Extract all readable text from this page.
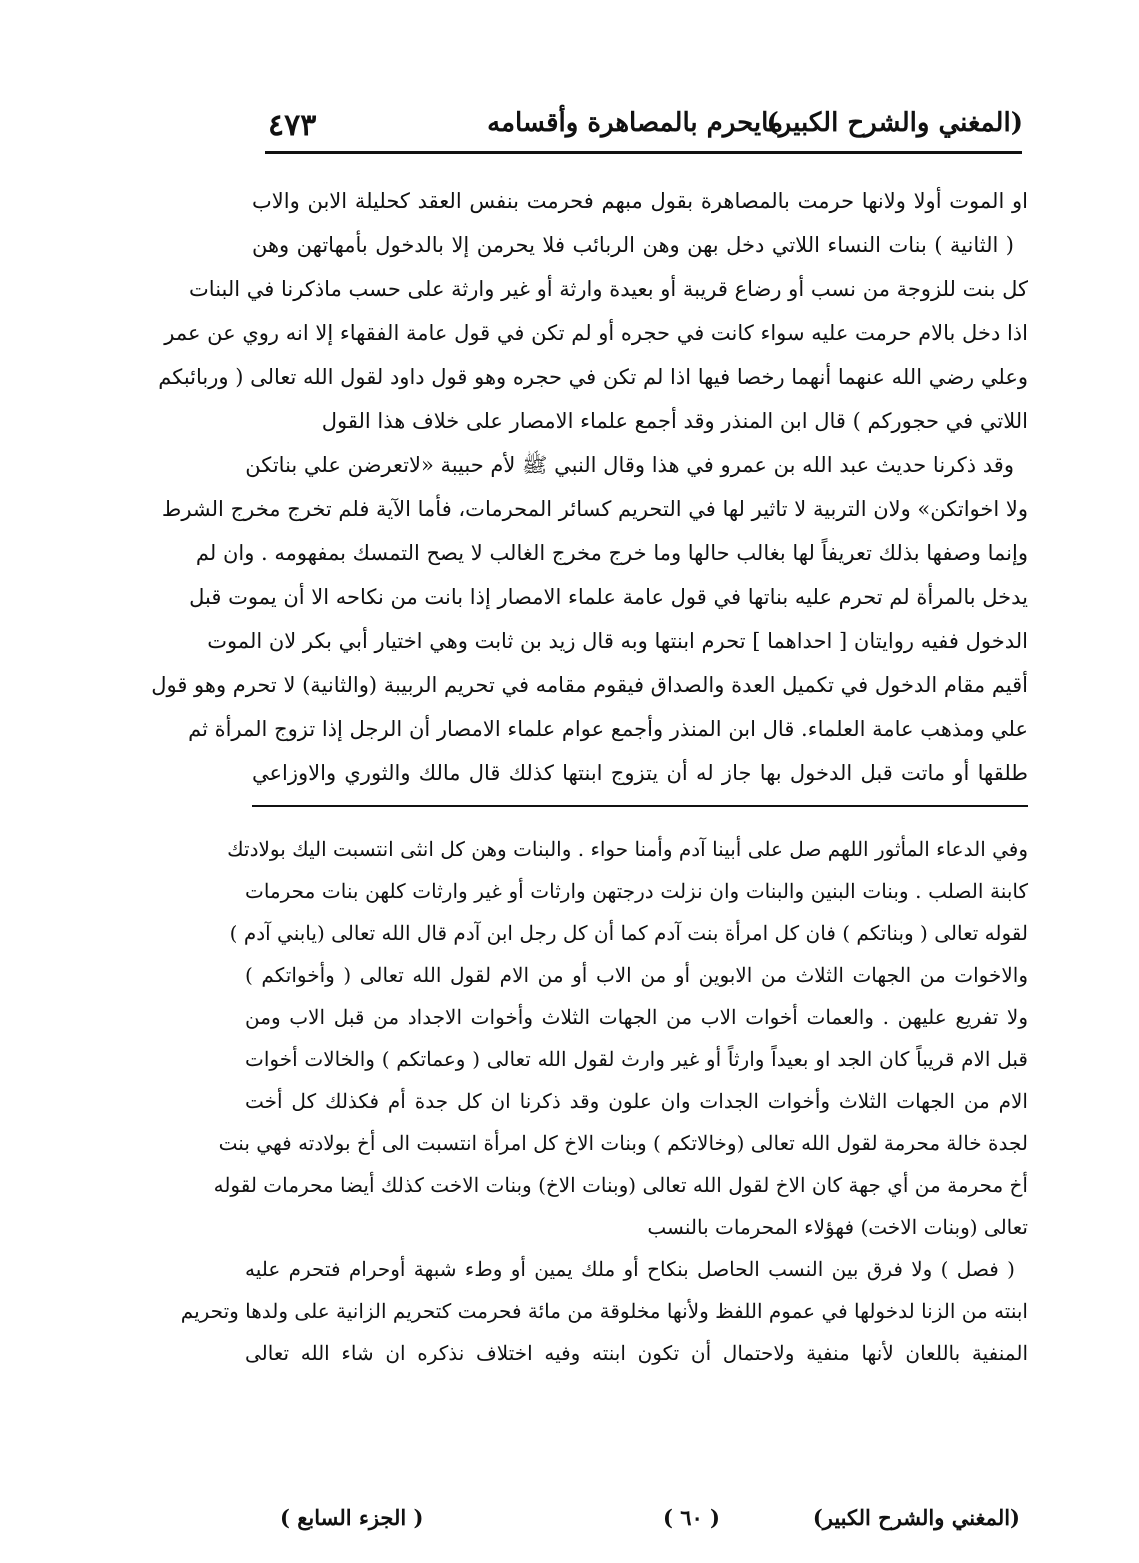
(المغني والشرح الكبير)
مايحرم بالمصاهرة وأقسامه
٤٧٣
او الموت أولا ولانها حرمت بالمصاهرة بقول مبهم فحرمت بنفس العقد كحليلة الابن والاب
( الثانية ) بنات النساء اللاتي دخل بهن وهن الربائب فلا يحرمن إلا بالدخول بأمهاتهن وهن
كل بنت للزوجة من نسب أو رضاع قريبة أو بعيدة وارثة أو غير وارثة على حسب ماذكرنا في البنات
اذا دخل بالام حرمت عليه سواء كانت في حجره أو لم تكن في قول عامة الفقهاء إلا انه روي عن عمر
وعلي رضي الله عنهما أنهما رخصا فيها اذا لم تكن في حجره وهو قول داود لقول الله تعالى ( وربائبكم
اللاتي في حجوركم ) قال ابن المنذر وقد أجمع علماء الامصار على خلاف هذا القول
وقد ذكرنا حديث عبد الله بن عمرو في هذا وقال النبي ﷺ لأم حبيبة «لاتعرضن علي بناتكن
ولا اخواتكن» ولان التربية لا تاثير لها في التحريم كسائر المحرمات، فأما الآية فلم تخرج مخرج الشرط
وإنما وصفها بذلك تعريفاً لها بغالب حالها وما خرج مخرج الغالب لا يصح التمسك بمفهومه . وان لم
يدخل بالمرأة لم تحرم عليه بناتها في قول عامة علماء الامصار إذا بانت من نكاحه الا أن يموت قبل
الدخول ففيه روايتان [ احداهما ] تحرم ابنتها وبه قال زيد بن ثابت وهي اختيار أبي بكر لان الموت
أقيم مقام الدخول في تكميل العدة والصداق فيقوم مقامه في تحريم الربيبة (والثانية) لا تحرم وهو قول
علي ومذهب عامة العلماء. قال ابن المنذر وأجمع عوام علماء الامصار أن الرجل إذا تزوج المرأة ثم
طلقها أو ماتت قبل الدخول بها جاز له أن يتزوج ابنتها كذلك قال مالك والثوري والاوزاعي
وفي الدعاء المأثور اللهم صل على أبينا آدم وأمنا حواء . والبنات وهن كل انثى انتسبت اليك بولادتك
كابنة الصلب . وبنات البنين والبنات وان نزلت درجتهن وارثات أو غير وارثات كلهن بنات محرمات
لقوله تعالى ( وبناتكم ) فان كل امرأة بنت آدم كما أن كل رجل ابن آدم قال الله تعالى (يابني آدم )
والاخوات من الجهات الثلاث من الابوين أو من الاب أو من الام لقول الله تعالى ( وأخواتكم )
ولا تفريع عليهن . والعمات أخوات الاب من الجهات الثلاث وأخوات الاجداد من قبل الاب ومن
قبل الام قريباً كان الجد او بعيداً وارثاً أو غير وارث لقول الله تعالى ( وعماتكم ) والخالات أخوات
الام من الجهات الثلاث وأخوات الجدات وان علون وقد ذكرنا ان كل جدة أم فكذلك كل أخت
لجدة خالة محرمة لقول الله تعالى (وخالاتكم ) وبنات الاخ كل امرأة انتسبت الى أخ بولادته فهي بنت
أخ محرمة من أي جهة كان الاخ لقول الله تعالى (وبنات الاخ) وبنات الاخت كذلك أيضا محرمات لقوله
تعالى (وبنات الاخت) فهؤلاء المحرمات بالنسب
( فصل ) ولا فرق بين النسب الحاصل بنكاح أو ملك يمين أو وطء شبهة أوحرام فتحرم عليه
ابنته من الزنا لدخولها في عموم اللفظ ولأنها مخلوقة من مائة فحرمت كتحريم الزانية على ولدها وتحريم
المنفية باللعان لأنها منفية ولاحتمال أن تكون ابنته وفيه اختلاف نذكره ان شاء الله تعالى
(المغني والشرح الكبير)
( ٦٠ )
( الجزء السابع )
